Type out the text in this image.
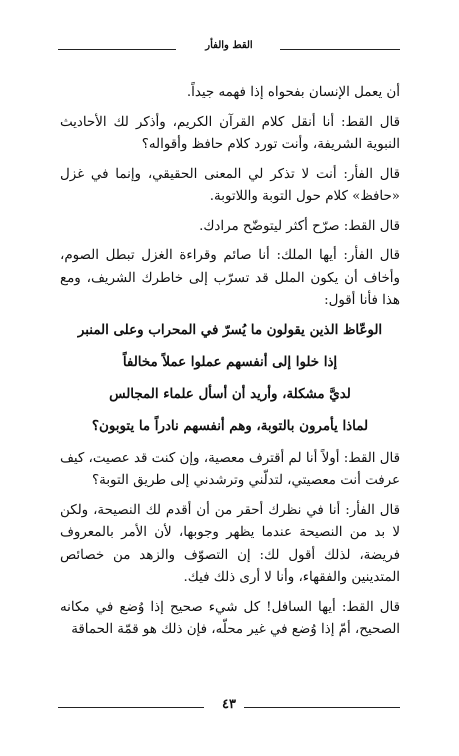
القط والفأر

أن يعمل الإنسان بفحواه إذا فهمه جيداً.

قال القط: أنا أنقل كلام القرآن الكريم، وأذكر لك الأحاديث النبوية الشريفة، وأنت تورد كلام حافظ وأقواله؟

قال الفأر: أنت لا تذكر لي المعنى الحقيقي، وإنما في غزل «حافظ» كلام حول التوبة واللاتوبة.

قال القط: صرّح أكثر ليتوضّح مرادك.

قال الفأر: أيها الملك: أنا صائم وقراءة الغزل تبطل الصوم، وأخاف أن يكون الملل قد تسرّب إلى خاطرك الشريف، ومع هذا فأنا أقول:

الوعّاظ الذين يقولون ما يُسرّ في المحراب وعلى المنبر

إذا خلوا إلى أنفسهم عملوا عملاً مخالفاً

لديَّ مشكلة، وأريد أن أسأل علماء المجالس

لماذا يأمرون بالتوبة، وهم أنفسهم نادراً ما يتوبون؟

قال القط: أولاً أنا لم أقترف معصية، وإن كنت قد عصيت، كيف عرفت أنت معصيتي، لتدلّني وترشدني إلى طريق التوبة؟

قال الفأر: أنا في نظرك أحقر من أن أقدم لك النصيحة، ولكن لا بد من النصيحة عندما يظهر وجوبها، لأن الأمر بالمعروف فريضة، لذلك أقول لك: إن التصوّف والزهد من خصائص المتدينين والفقهاء، وأنا لا أرى ذلك فيك.

قال القط: أيها السافل! كل شيء صحيح إذا وُضع في مكانه الصحيح، أمّ إذا وُضع في غير محلّه، فإن ذلك هو قمّة الحماقة

٤٣
